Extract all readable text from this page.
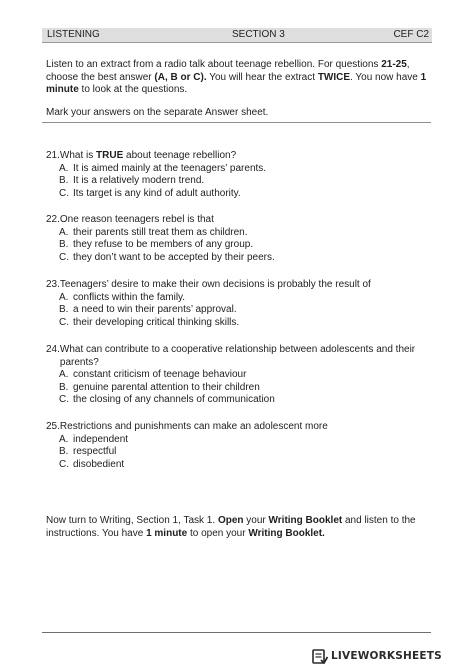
LISTENING	SECTION 3	CEF C2
Listen to an extract from a radio talk about teenage rebellion. For questions 21-25, choose the best answer (A, B or C). You will hear the extract TWICE. You now have 1 minute to look at the questions.
Mark your answers on the separate Answer sheet.
21. What is TRUE about teenage rebellion?
A. It is aimed mainly at the teenagers’ parents.
B. It is a relatively modern trend.
C. Its target is any kind of adult authority.
22. One reason teenagers rebel is that
A. their parents still treat them as children.
B. they refuse to be members of any group.
C. they don’t want to be accepted by their peers.
23. Teenagers’ desire to make their own decisions is probably the result of
A. conflicts within the family.
B. a need to win their parents’ approval.
C. their developing critical thinking skills.
24. What can contribute to a cooperative relationship between adolescents and their parents?
A. constant criticism of teenage behaviour
B. genuine parental attention to their children
C. the closing of any channels of communication
25. Restrictions and punishments can make an adolescent more
A. independent
B. respectful
C. disobedient
Now turn to Writing, Section 1, Task 1. Open your Writing Booklet and listen to the instructions. You have 1 minute to open your Writing Booklet.
LIVEWORKSHEETS
